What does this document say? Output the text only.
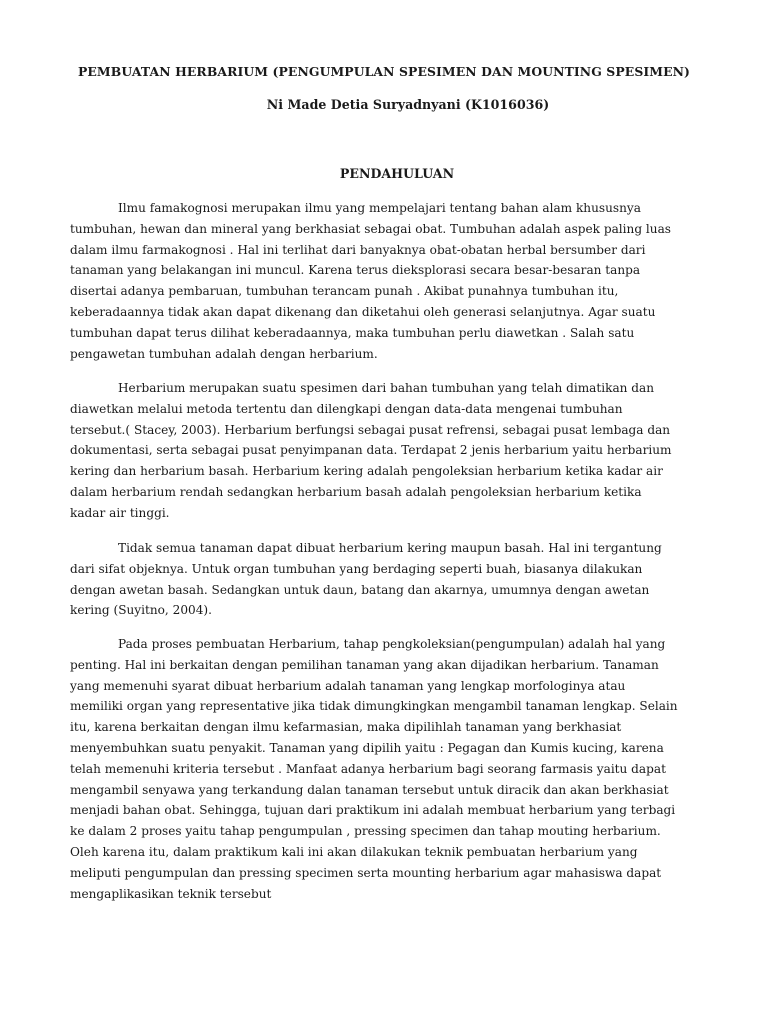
PEMBUATAN HERBARIUM (PENGUMPULAN SPESIMEN DAN MOUNTING SPESIMEN)
Ni Made Detia Suryadnyani (K1016036)
PENDAHULUAN
Ilmu famakognosi merupakan ilmu yang mempelajari tentang bahan alam khususnya
tumbuhan, hewan dan mineral yang berkhasiat sebagai obat. Tumbuhan adalah aspek paling luas
dalam ilmu farmakognosi . Hal ini terlihat dari banyaknya obat-obatan herbal bersumber dari
tanaman yang belakangan ini muncul. Karena terus dieksplorasi secara besar-besaran tanpa
disertai adanya pembaruan, tumbuhan terancam punah . Akibat punahnya tumbuhan itu,
keberadaannya tidak akan dapat dikenang dan diketahui oleh generasi selanjutnya. Agar suatu
tumbuhan dapat terus dilihat keberadaannya, maka tumbuhan perlu diawetkan . Salah satu
pengawetan tumbuhan adalah dengan herbarium.
Herbarium merupakan suatu spesimen dari bahan tumbuhan yang telah dimatikan dan
diawetkan melalui metoda tertentu dan dilengkapi dengan data-data mengenai tumbuhan
tersebut.( Stacey, 2003). Herbarium berfungsi sebagai pusat refrensi, sebagai pusat lembaga dan
dokumentasi, serta sebagai pusat penyimpanan data. Terdapat 2 jenis herbarium yaitu herbarium
kering dan herbarium basah. Herbarium kering adalah pengoleksian herbarium ketika kadar air
dalam herbarium rendah sedangkan herbarium basah adalah pengoleksian herbarium ketika
kadar air tinggi.
Tidak semua tanaman dapat dibuat herbarium kering maupun basah. Hal ini tergantung
dari sifat objeknya. Untuk organ tumbuhan yang berdaging seperti buah, biasanya dilakukan
dengan awetan basah. Sedangkan untuk daun, batang dan akarnya, umumnya dengan awetan
kering (Suyitno, 2004).
Pada proses pembuatan Herbarium, tahap pengkoleksian(pengumpulan) adalah hal yang
penting. Hal ini berkaitan dengan pemilihan tanaman yang akan dijadikan herbarium. Tanaman
yang memenuhi syarat dibuat herbarium adalah tanaman yang lengkap morfologinya atau
memiliki organ yang representative jika tidak dimungkingkan mengambil tanaman lengkap. Selain
itu, karena berkaitan dengan ilmu kefarmasian, maka dipilihlah tanaman yang berkhasiat
menyembuhkan suatu penyakit. Tanaman yang dipilih yaitu : Pegagan dan Kumis kucing, karena
telah memenuhi kriteria tersebut . Manfaat adanya herbarium bagi seorang farmasis yaitu dapat
mengambil senyawa yang terkandung dalan tanaman tersebut untuk diracik dan akan berkhasiat
menjadi bahan obat. Sehingga, tujuan dari praktikum ini adalah membuat herbarium yang terbagi
ke dalam 2 proses yaitu tahap pengumpulan , pressing specimen dan tahap mouting herbarium.
Oleh karena itu, dalam praktikum kali ini akan dilakukan teknik pembuatan herbarium yang
meliputi pengumpulan dan pressing specimen serta mounting herbarium agar mahasiswa dapat
mengaplikasikan teknik tersebut
